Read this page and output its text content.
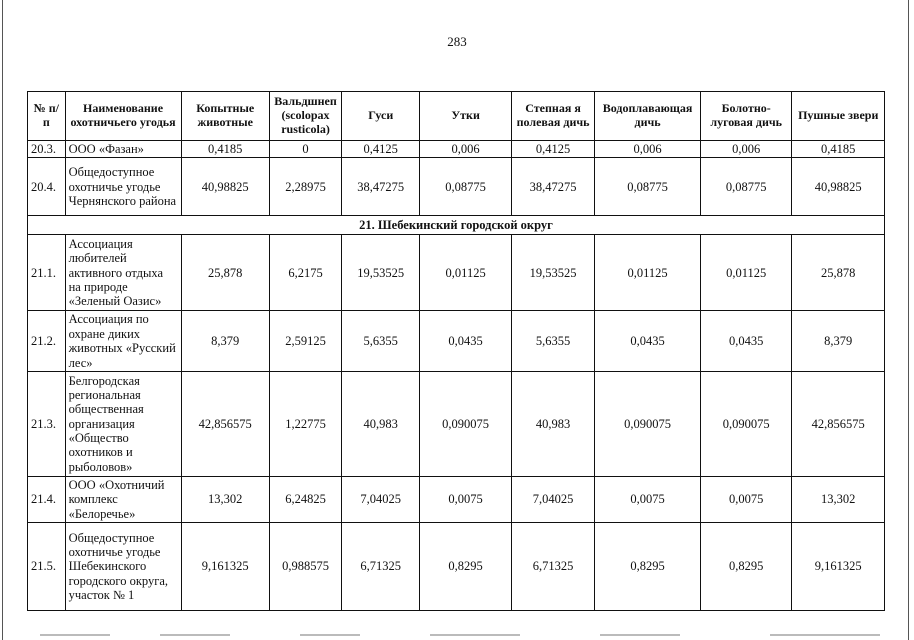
283
№ п/п	Наименование охотничьего угодья	Копытные животные	Вальдшнеп (scolopax rusticola)	Гуси	Утки	Степная я полевая дичь	Водоплавающая дичь	Болотно-луговая дичь	Пушные звери
20.3.	ООО «Фазан»	0,4185	0	0,4125	0,006	0,4125	0,006	0,006	0,4185
20.4.	Общедоступное охотничье угодье Чернянского района	40,98825	2,28975	38,47275	0,08775	38,47275	0,08775	0,08775	40,98825
21. Шебекинский городской округ									
21.1.	Ассоциация любителей активного отдыха на природе «Зеленый Оазис»	25,878	6,2175	19,53525	0,01125	19,53525	0,01125	0,01125	25,878
21.2.	Ассоциация по охране диких животных «Русский лес»	8,379	2,59125	5,6355	0,0435	5,6355	0,0435	0,0435	8,379
21.3.	Белгородская региональная общественная организация «Общество охотников и рыболовов»	42,856575	1,22775	40,983	0,090075	40,983	0,090075	0,090075	42,856575
21.4.	ООО «Охотничий комплекс «Белоречье»	13,302	6,24825	7,04025	0,0075	7,04025	0,0075	0,0075	13,302
21.5.	Общедоступное охотничье угодье Шебекинского городского округа, участок № 1	9,161325	0,988575	6,71325	0,8295	6,71325	0,8295	0,8295	9,161325
